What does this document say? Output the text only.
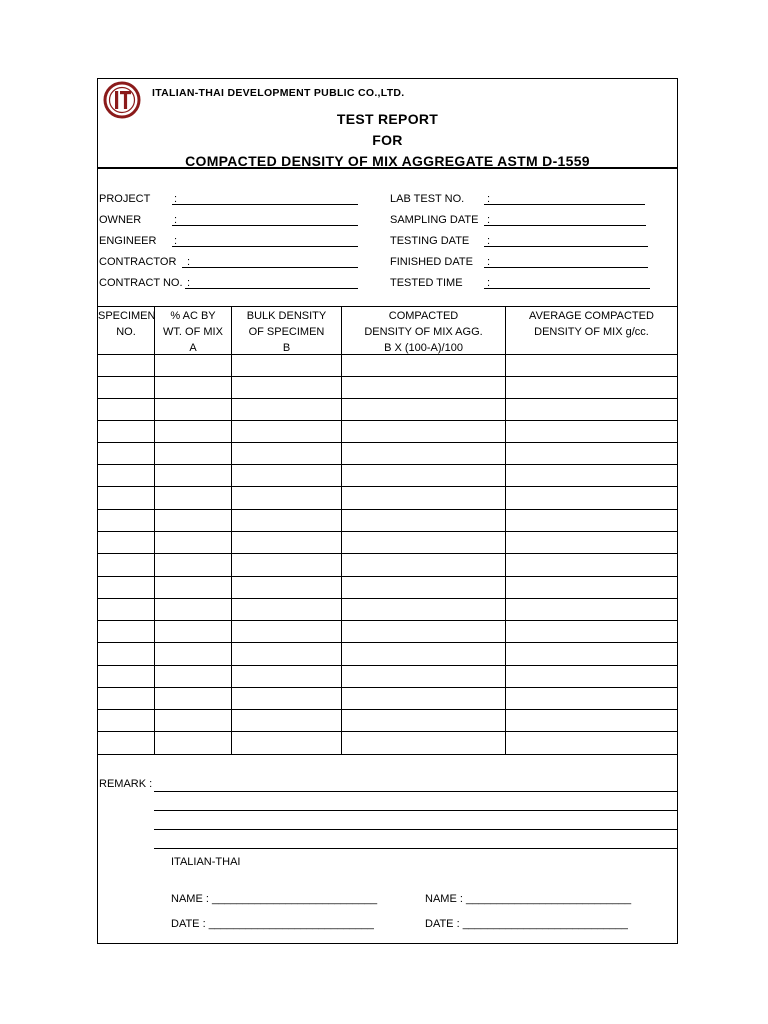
ITALIAN-THAI DEVELOPMENT PUBLIC CO.,LTD.
TEST REPORT
FOR
COMPACTED DENSITY OF MIX AGGREGATE ASTM D-1559
PROJECT :
OWNER	:
ENGINEER :
CONTRACTOR :
CONTRACT NO. :
LAB TEST NO. :
SAMPLING DATE :
TESTING DATE :
FINISHED DATE :
TESTED TIME :
SPECIMEN
NO.
% AC BY
WT. OF MIX
A
BULK DENSITY
OF SPECIMEN
B
COMPACTED
DENSITY OF MIX AGG.
B X (100-A)/100
AVERAGE COMPACTED
DENSITY OF MIX g/cc.
REMARK :
ITALIAN-THAI
NAME : ___________________________
DATE : ___________________________
NAME : ___________________________
DATE : ___________________________
